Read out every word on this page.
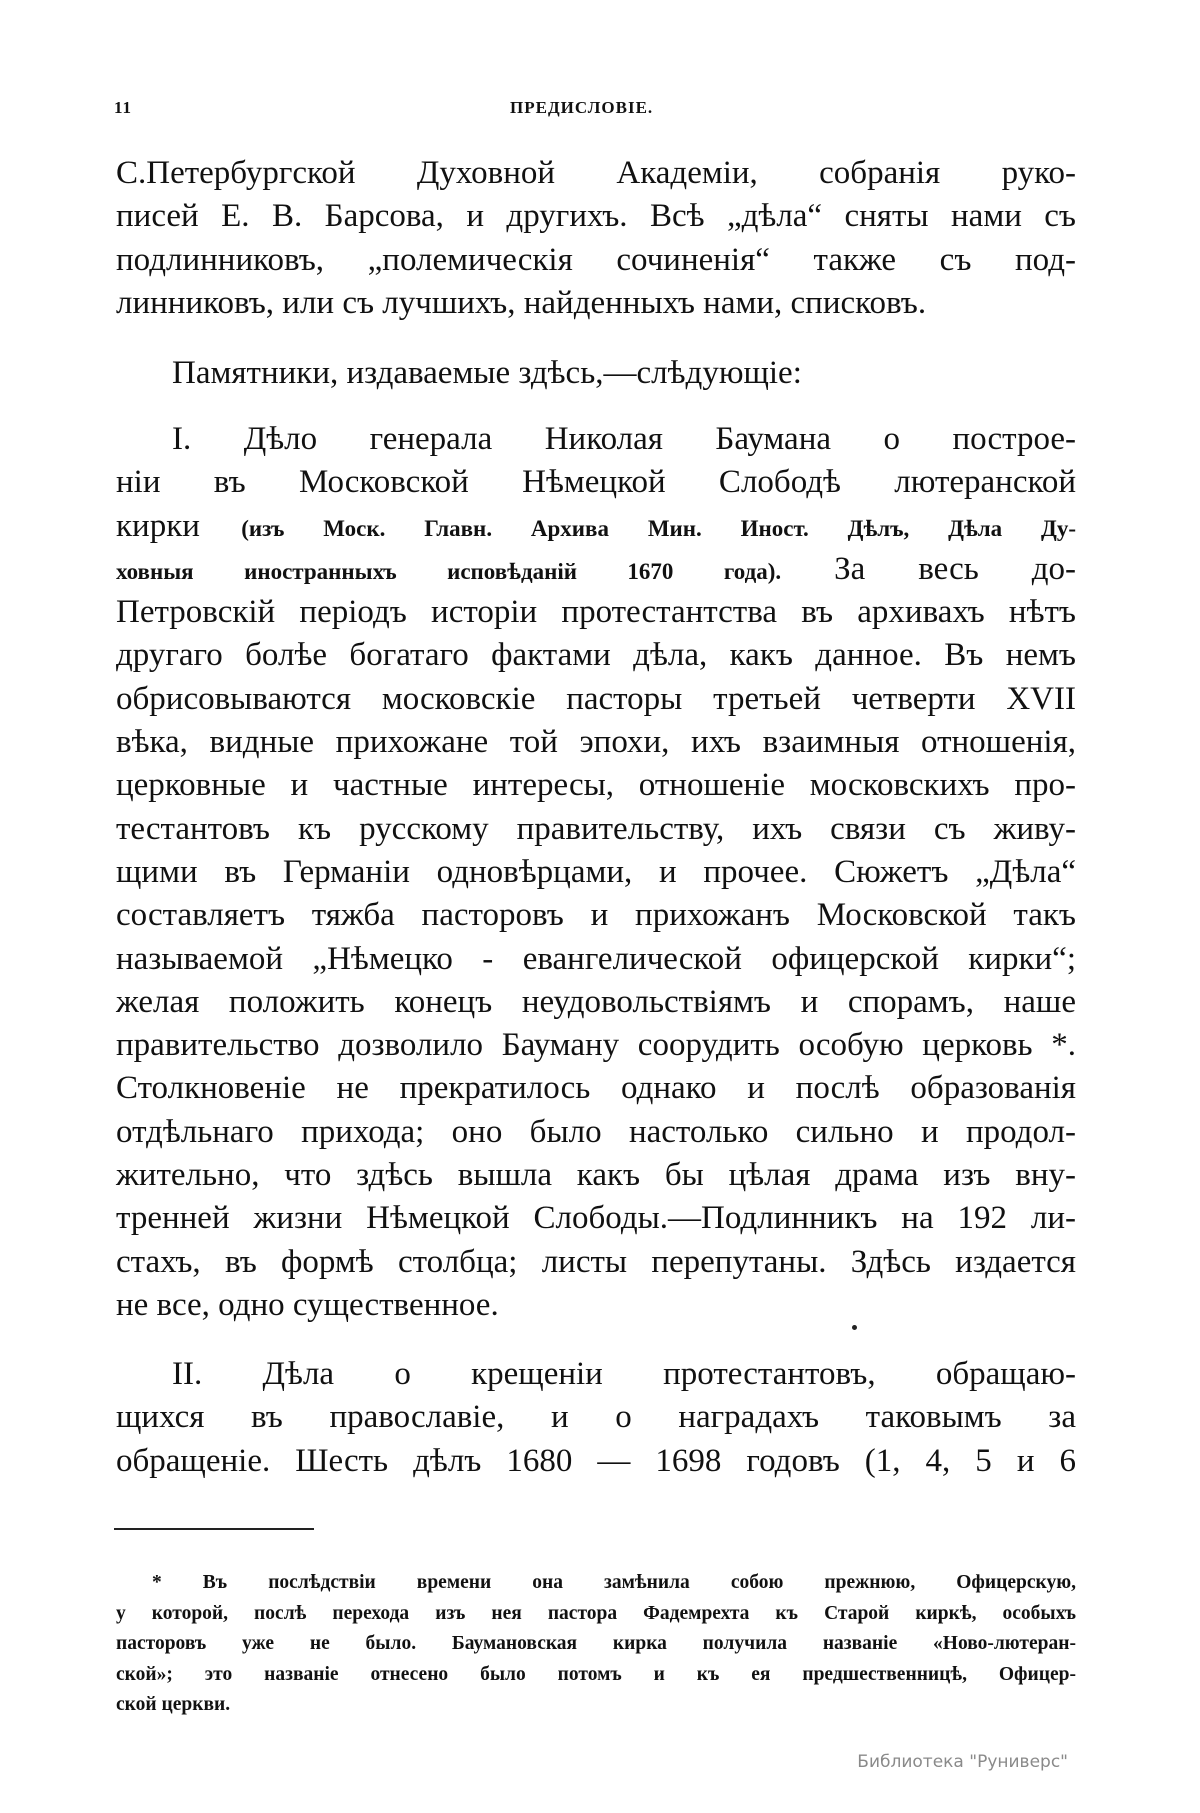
11	ПРЕДИСЛОВІЕ.
С.Петербургской Духовной Академіи, собранія руко-
писей Е. В. Барсова, и другихъ. Всѣ „дѣла“ сняты нами съ
подлинниковъ, „полемическія сочиненія“ также съ под-
линниковъ, или съ лучшихъ, найденныхъ нами, списковъ.
Памятники, издаваемые здѣсь,—слѣдующіе:
І. Дѣло генерала Николая Баумана о построе-
ніи въ Московской Нѣмецкой Слободѣ лютеранской
кирки (изъ Моск. Главн. Архива Мин. Иност. Дѣлъ, Дѣла Ду-
ховныя иностранныхъ исповѣданій 1670 года). За весь до-
Петровскій періодъ исторіи протестантства въ архивахъ нѣтъ
другаго болѣе богатаго фактами дѣла, какъ данное. Въ немъ
обрисовываются московскіе пасторы третьей четверти XVII
вѣка, видные прихожане той эпохи, ихъ взаимныя отношенія,
церковные и частные интересы, отношеніе московскихъ про-
тестантовъ къ русскому правительству, ихъ связи съ живу-
щими въ Германіи одновѣрцами, и прочее. Сюжетъ „Дѣла“
составляетъ тяжба пасторовъ и прихожанъ Московской такъ
называемой „Нѣмецко - евангелической офицерской кирки“;
желая положить конецъ неудовольствіямъ и спорамъ, наше
правительство дозволило Бауману соорудить особую церковь *.
Столкновеніе не прекратилось однако и послѣ образованія
отдѣльнаго прихода; оно было настолько сильно и продол-
жительно, что здѣсь вышла какъ бы цѣлая драма изъ вну-
тренней жизни Нѣмецкой Слободы.—Подлинникъ на 192 ли-
стахъ, въ формѣ столбца; листы перепутаны. Здѣсь издается
не все, одно существенное.
II. Дѣла о крещеніи протестантовъ, обращаю-
щихся въ православіе, и о наградахъ таковымъ за
обращеніе. Шесть дѣлъ 1680 — 1698 годовъ (1, 4, 5 и 6
* Въ послѣдствіи времени она замѣнила собою прежнюю, Офицерскую,
у которой, послѣ перехода изъ нея пастора Фадемрехта къ Старой киркѣ, особыхъ
пасторовъ уже не было. Баумановская кирка получила названіе «Ново-лютеран-
ской»; это названіе отнесено было потомъ и къ ея предшественницѣ, Офицер-
ской церкви.
Библиотека "Руниверс"
